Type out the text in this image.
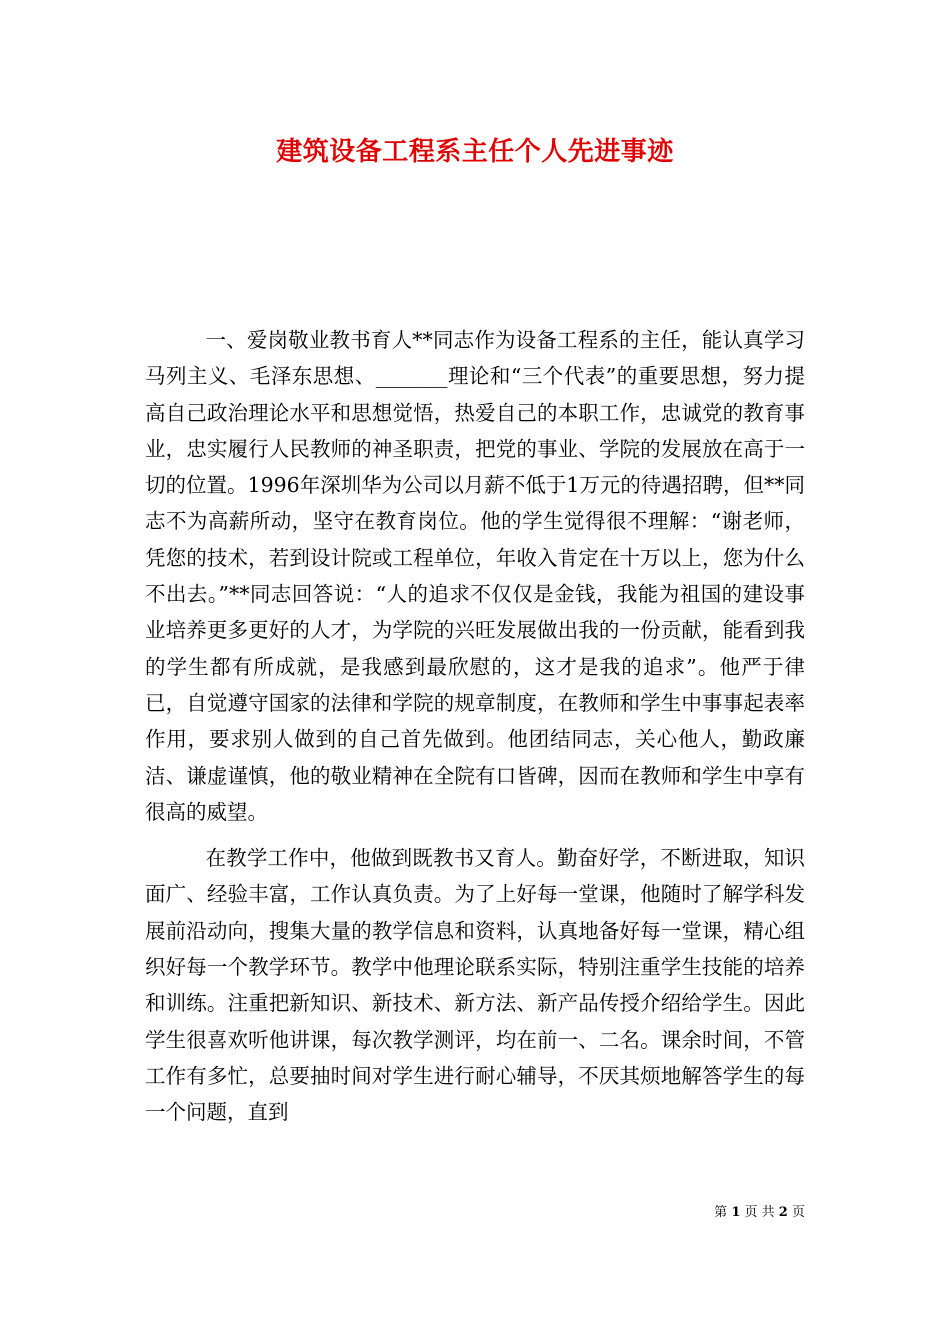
建筑设备工程系主任个人先进事迹

一、爱岗敬业教书育人**同志作为设备工程系的主任，能认真学习马列主义、毛泽东思想、_______理论和“三个代表”的重要思想，努力提高自己政治理论水平和思想觉悟，热爱自己的本职工作，忠诚党的教育事业，忠实履行人民教师的神圣职责，把党的事业、学院的发展放在高于一切的位置。1996年深圳华为公司以月薪不低于1万元的待遇招聘，但**同志不为高薪所动，坚守在教育岗位。他的学生觉得很不理解：“谢老师，凭您的技术，若到设计院或工程单位，年收入肯定在十万以上，您为什么不出去。”**同志回答说：“人的追求不仅仅是金钱，我能为祖国的建设事业培养更多更好的人才，为学院的兴旺发展做出我的一份贡献，能看到我的学生都有所成就，是我感到最欣慰的，这才是我的追求”。他严于律已，自觉遵守国家的法律和学院的规章制度，在教师和学生中事事起表率作用，要求别人做到的自己首先做到。他团结同志，关心他人，勤政廉洁、谦虚谨慎，他的敬业精神在全院有口皆碑，因而在教师和学生中享有很高的威望。

在教学工作中，他做到既教书又育人。勤奋好学，不断进取，知识面广、经验丰富，工作认真负责。为了上好每一堂课，他随时了解学科发展前沿动向，搜集大量的教学信息和资料，认真地备好每一堂课，精心组织好每一个教学环节。教学中他理论联系实际，特别注重学生技能的培养和训练。注重把新知识、新技术、新方法、新产品传授介绍给学生。因此学生很喜欢听他讲课，每次教学测评，均在前一、二名。课余时间，不管工作有多忙，总要抽时间对学生进行耐心辅导，不厌其烦地解答学生的每一个问题，直到

第 1 页 共 2 页
